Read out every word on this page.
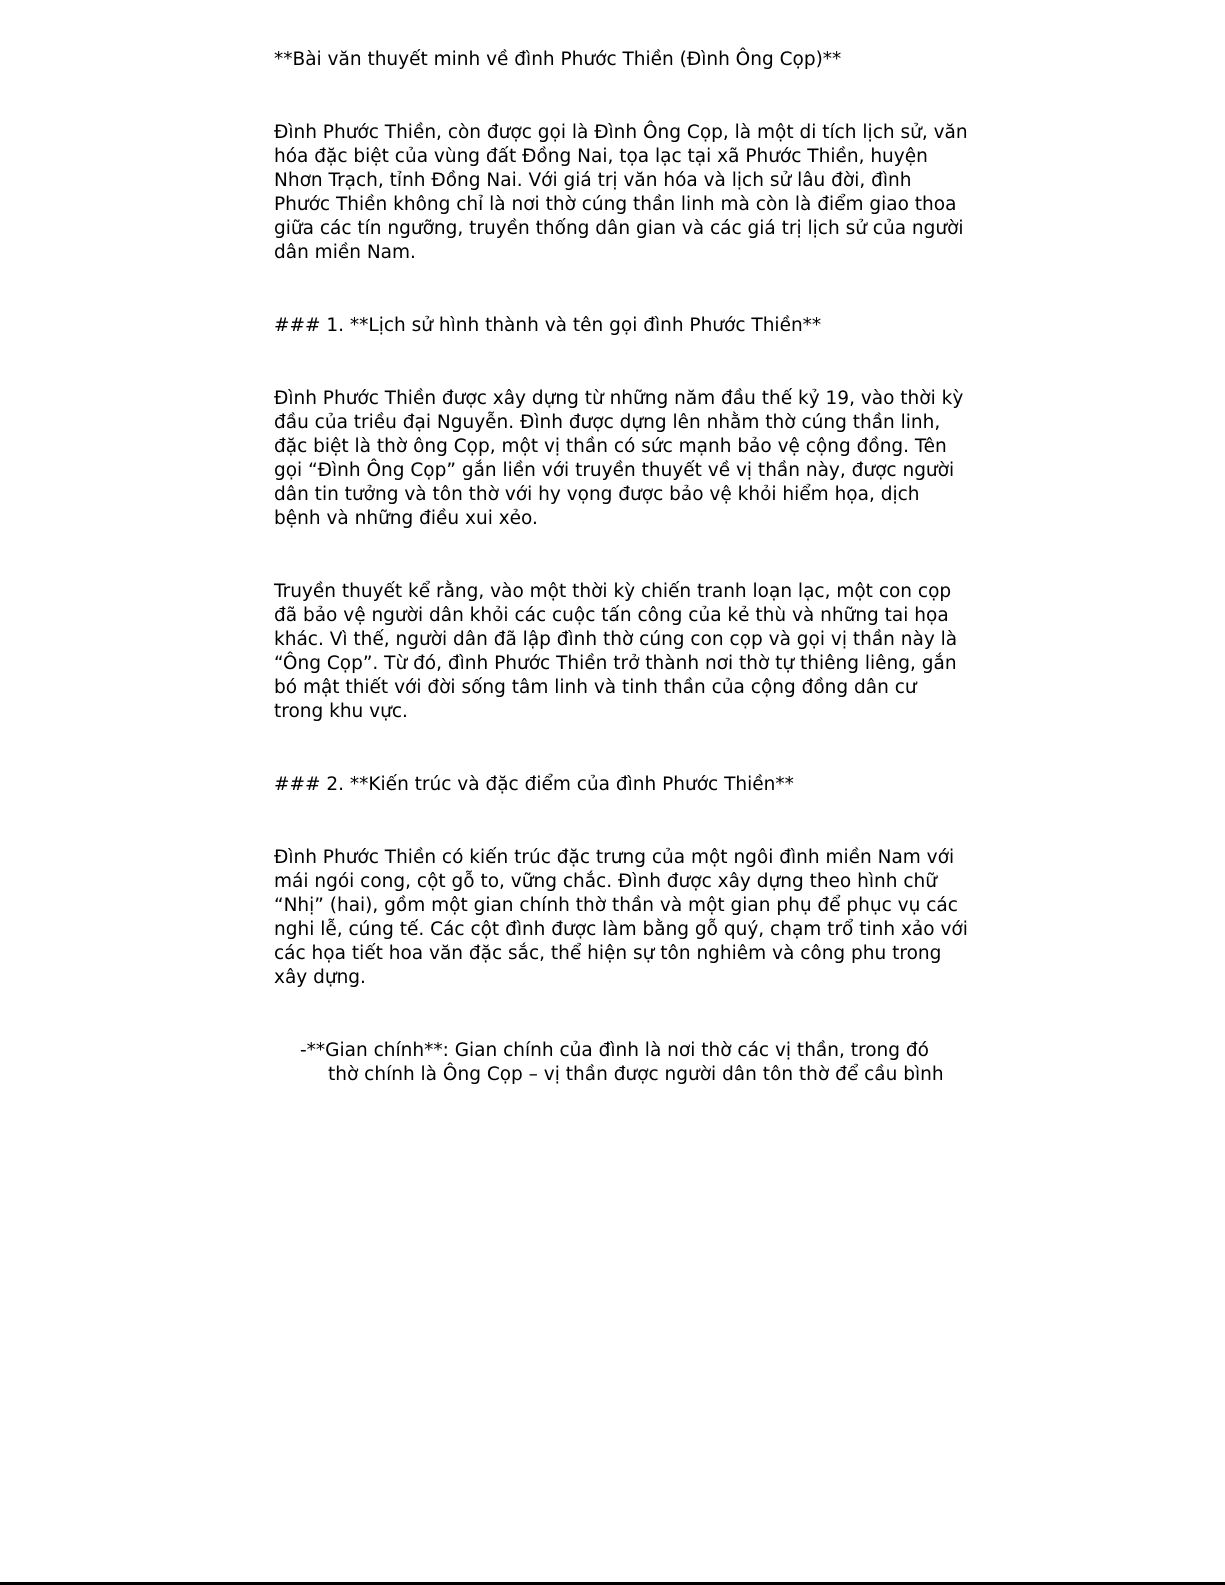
**Bài văn thuyết minh về đình Phước Thiền (Đình Ông Cọp)**

Đình Phước Thiền, còn được gọi là Đình Ông Cọp, là một di tích lịch sử, văn
hóa đặc biệt của vùng đất Đồng Nai, tọa lạc tại xã Phước Thiền, huyện
Nhơn Trạch, tỉnh Đồng Nai. Với giá trị văn hóa và lịch sử lâu đời, đình
Phước Thiền không chỉ là nơi thờ cúng thần linh mà còn là điểm giao thoa
giữa các tín ngưỡng, truyền thống dân gian và các giá trị lịch sử của người
dân miền Nam.

### 1. **Lịch sử hình thành và tên gọi đình Phước Thiền**

Đình Phước Thiền được xây dựng từ những năm đầu thế kỷ 19, vào thời kỳ
đầu của triều đại Nguyễn. Đình được dựng lên nhằm thờ cúng thần linh,
đặc biệt là thờ ông Cọp, một vị thần có sức mạnh bảo vệ cộng đồng. Tên
gọi “Đình Ông Cọp” gắn liền với truyền thuyết về vị thần này, được người
dân tin tưởng và tôn thờ với hy vọng được bảo vệ khỏi hiểm họa, dịch
bệnh và những điều xui xẻo.

Truyền thuyết kể rằng, vào một thời kỳ chiến tranh loạn lạc, một con cọp
đã bảo vệ người dân khỏi các cuộc tấn công của kẻ thù và những tai họa
khác. Vì thế, người dân đã lập đình thờ cúng con cọp và gọi vị thần này là
“Ông Cọp”. Từ đó, đình Phước Thiền trở thành nơi thờ tự thiêng liêng, gắn
bó mật thiết với đời sống tâm linh và tinh thần của cộng đồng dân cư
trong khu vực.

### 2. **Kiến trúc và đặc điểm của đình Phước Thiền**

Đình Phước Thiền có kiến trúc đặc trưng của một ngôi đình miền Nam với
mái ngói cong, cột gỗ to, vững chắc. Đình được xây dựng theo hình chữ
“Nhị” (hai), gồm một gian chính thờ thần và một gian phụ để phục vụ các
nghi lễ, cúng tế. Các cột đình được làm bằng gỗ quý, chạm trổ tinh xảo với
các họa tiết hoa văn đặc sắc, thể hiện sự tôn nghiêm và công phu trong
xây dựng.

-**Gian chính**: Gian chính của đình là nơi thờ các vị thần, trong đó
thờ chính là Ông Cọp – vị thần được người dân tôn thờ để cầu bình
